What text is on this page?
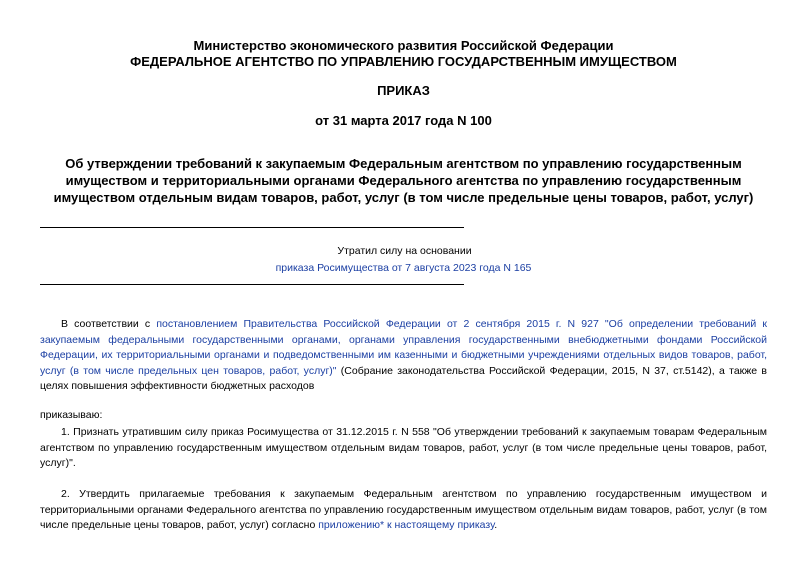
Министерство экономического развития Российской Федерации
ФЕДЕРАЛЬНОЕ АГЕНТСТВО ПО УПРАВЛЕНИЮ ГОСУДАРСТВЕННЫМ ИМУЩЕСТВОМ
ПРИКАЗ
от 31 марта 2017 года N 100
Об утверждении требований к закупаемым Федеральным агентством по управлению государственным
имуществом и территориальными органами Федерального агентства по управлению государственным
имуществом отдельным видам товаров, работ, услуг (в том числе предельные цены товаров, работ, услуг)
Утратил силу на основании
приказа Росимущества от 7 августа 2023 года N 165
В соответствии с постановлением Правительства Российской Федерации от 2 сентября 2015 г. N 927 "Об определении требований к закупаемым федеральными государственными органами, органами управления государственными внебюджетными фондами Российской Федерации, их территориальными органами и подведомственными им казенными и бюджетными учреждениями отдельных видов товаров, работ, услуг (в том числе предельных цен товаров, работ, услуг)" (Собрание законодательства Российской Федерации, 2015, N 37, ст.5142), а также в целях повышения эффективности бюджетных расходов
приказываю:
1. Признать утратившим силу приказ Росимущества от 31.12.2015 г. N 558 "Об утверждении требований к закупаемым товарам Федеральным агентством по управлению государственным имуществом отдельным видам товаров, работ, услуг (в том числе предельные цены товаров, работ, услуг)".
2. Утвердить прилагаемые требования к закупаемым Федеральным агентством по управлению государственным имуществом и территориальными органами Федерального агентства по управлению государственным имуществом отдельным видам товаров, работ, услуг (в том числе предельные цены товаров, работ, услуг) согласно приложению* к настоящему приказу.
